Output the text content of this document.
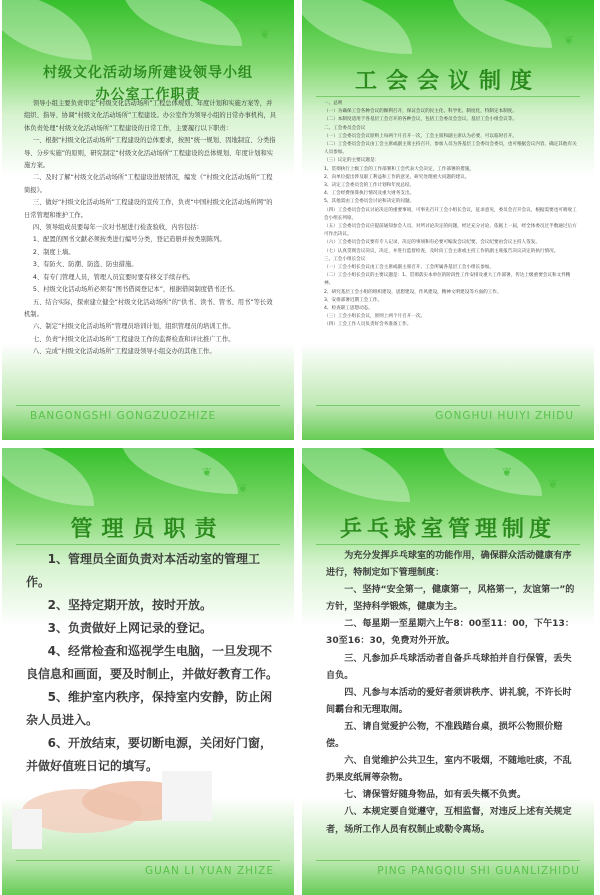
❦
❦
村级文化活动场所建设领导小组
办公室工作职责

领导小组主要负责审定“村级文化活动场所”工程总体规划、年度计划和实施方案等，并组织、指导、协调“村级文化活动场所”工程建设。办公室作为领导小组的日常办事机构，具体负责处理“村级文化活动场所”工程建设的日常工作，主要履行以下职责：

一、根据“村级文化活动场所”工程建设的总体要求，按照“统一规划、因地制宜、分类指导、分步实施”的原则，研究制定“村级文化活动场所”工程建设的总体规划、年度计划和实施方案。

二、及时了解“村级文化活动场所”工程建设进展情况，编发《“村级文化活动场所”工程简报》。

三、做好“村级文化活动场所”工程建设的宣传工作，负责“中国村级文化活动场所网”的日常管理和维护工作。

四、领导组成员要每年一次对书屋进行检查验收，内容包括：

1、配置的图书文献必须按类进行编号分类，登记造册并按类别陈列。

2、制度上墙。

3、有防火、防潮、防盗、防虫措施。

4、有专门管理人员，管理人员宜要时要有移交手续存档。

5、村级文化活动场所必须有“图书借阅登记本”，根据借阅制度借书还书。

五、结合实际，探索建立健全“村级文化活动场所”的“供书、读书、管书、用书”等长效机制。

六、制定“村级文化活动场所”管理员培训计划，组织管理员的培训工作。

七、负责“村级文化活动场所”工程建设工作的监督检查和评比推广工作。

八、完成“村级文化活动场所”工程建设领导小组交办的其他工作。

BANGONGSHI GONGZUOZHIZE
❦
❦
工会会议制度

一、总则

（一）为确保工会各种会议的顺利召开，保证会议的民主化、科学化、制度化，特制定本制度。

（二）本制度适用于各基层工会召开的各种会议，包括工会委员会会议、基层工会小组会议等。

二、工会委员会会议

（一）工会委员会会议原则上每两个月召开一次，工会主席和副主席认为必要，可以临时召开。

（二）工会委员会会议由工会主席或副主席主持召开，参加人员为各基层工会委员会委员，也可根据会议内容，确定其他有关人员参加。

（三）议定的主要议题是：

1、贯彻执行上级工会的工作部署和工会代表大会决定，工作部署的措施。

2、向单位提出涉及职工利益和工作的意见，研究处理重大问题的建议。

3、决定工会委员会的工作计划和年度总结。

4、工会经费预算执行情况及重大财务支出。

5、其他需由工会委员会讨论和决定的问题。

（四）工会委员会会议讨论决定的重要事项，可事先召开工会小组长会议，征求意见，委员会召开会议，根据需要也可吸收工会小组长列席。

（五）工会委员会会议应提前通知参会人员，对所讨论决定的问题，经过充分讨论、依据上一届，经全体委员过半数通过后方可作出决议。

（六）工会委员会会议要有专人记录，决定的事项和有必要可编发会议纪要，会议纪要由会议主持人签发。

（七）认真贯彻会议决议，决定，并进行监督检查，及时向工会主席或主持工作的副主席报告决议决定的执行情况。

三、工会小组长会议

（一）工会小组长会议由工会主席或副主席召开，工会所属各基层工会小组长参加。

（二）工会小组长会议的主要议题是：1、贯彻落实本单位的阶段性工作安排及重大工作部署，传达上级重要会议和文件精神。

2、研究基层工会小组的组织建设，思想建设，作风建设，精神文明建设等方面的工作。

3、安排部署近期工会工作。

4、检查职工思想动态。

（三）工会小组长会议，原则上两个月召开一次。

（四）工会工作人员负责好会务准备工作。

GONGHUI HUIYI ZHIDU
❦
❦
管理员职责

1、管理员全面负责对本活动室的管理工作。

2、坚持定期开放，按时开放。

3、负责做好上网记录的登记。

4、经常检查和巡视学生电脑，一旦发现不良信息和画面，要及时制止，并做好教育工作。

5、维护室内秩序，保持室内安静，防止闲杂人员进入。

6、开放结束，要切断电源，关闭好门窗，并做好值班日记的填写。

GUAN LI YUAN ZHIZE
❦
❦
乒乓球室管理制度

为充分发挥乒乓球室的功能作用，确保群众活动健康有序进行，特制定如下管理制度：

一、坚持“安全第一，健康第一，风格第一，友谊第一”的方针，坚持科学锻炼，健康为主。

二、每星期一至星期六上午8：00至11：00，下午13：30至16：30，免费对外开放。

三、凡参加乒乓球活动者自备乒乓球拍并自行保管，丢失自负。

四、凡参与本活动的爱好者须讲秩序、讲礼貌，不许长时间霸台和无理取闹。

五、请自觉爱护公物，不准践踏台桌，损坏公物照价赔偿。

六、自觉维护公共卫生，室内不吸烟，不随地吐痰，不乱扔果皮纸屑等杂物。

七、请保管好随身物品，如有丢失概不负责。

八、本规定要自觉遵守，互相监督，对违反上述有关规定者，场所工作人员有权制止或勒令离场。

PING PANGQIU SHI GUANLIZHIDU
